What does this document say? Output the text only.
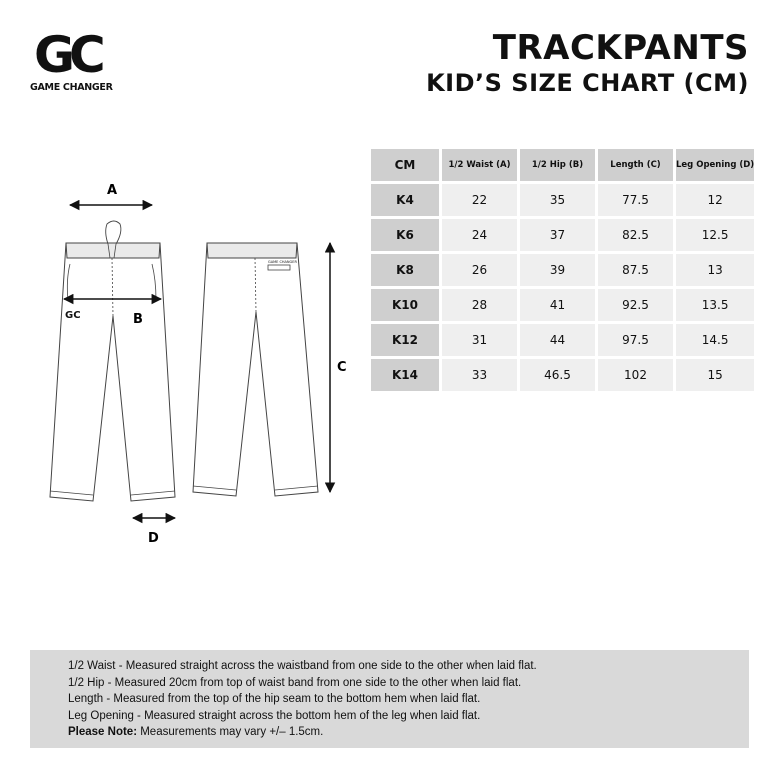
GC
GAME CHANGER
TRACKPANTS
KID’S SIZE CHART (CM)
CM	1/2 Waist (A)	1/2 Hip (B)	Length (C)	Leg Opening (D)
K4	22	35	77.5	12
K6	24	37	82.5	12.5
K8	26	39	87.5	13
K10	28	41	92.5	13.5
K12	31	44	97.5	14.5
K14	33	46.5	102	15
GC
GAME CHANGER
A
B
C
D
1/2 Waist - Measured straight across the waistband from one side to the other when laid flat.
1/2 Hip - Measured 20cm from top of waist band from one side to the other when laid flat.
Length - Measured from the top of the hip seam to the bottom hem when laid flat.
Leg Opening - Measured straight across the bottom hem of the leg when laid flat.
Please Note: Measurements may vary +/– 1.5cm.
